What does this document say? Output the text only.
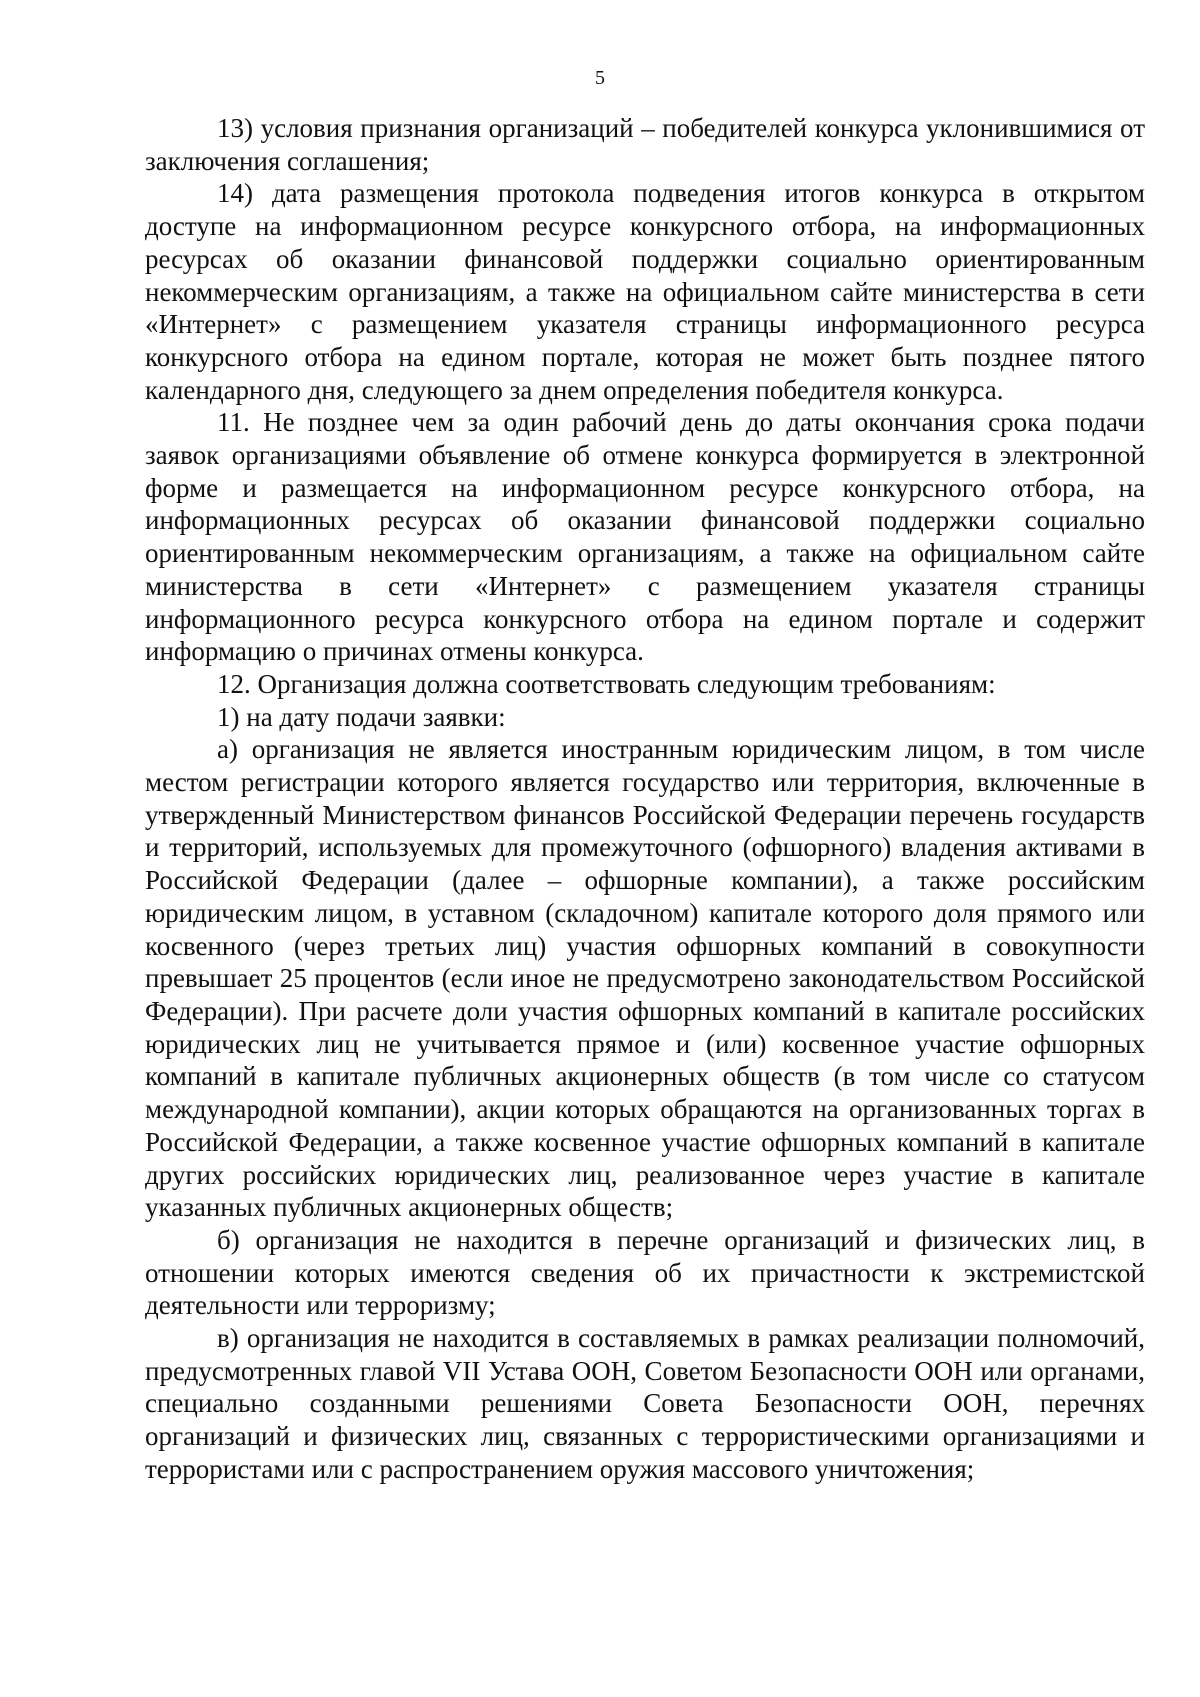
5

13) условия признания организаций – победителей конкурса уклонившимися от заключения соглашения;

14) дата размещения протокола подведения итогов конкурса в открытом доступе на информационном ресурсе конкурсного отбора, на информационных ресурсах об оказании финансовой поддержки социально ориентированным некоммерческим организациям, а также на официальном сайте министерства в сети «Интернет» с размещением указателя страницы информационного ресурса конкурсного отбора на едином портале, которая не может быть позднее пятого календарного дня, следующего за днем определения победителя конкурса.

11. Не позднее чем за один рабочий день до даты окончания срока подачи заявок организациями объявление об отмене конкурса формируется в электронной форме и размещается на информационном ресурсе конкурсного отбора, на информационных ресурсах об оказании финансовой поддержки социально ориентированным некоммерческим организациям, а также на официальном сайте министерства в сети «Интернет» с размещением указателя страницы информационного ресурса конкурсного отбора на едином портале и содержит информацию о причинах отмены конкурса.

12. Организация должна соответствовать следующим требованиям:

1) на дату подачи заявки:

а) организация не является иностранным юридическим лицом, в том числе местом регистрации которого является государство или территория, включенные в утвержденный Министерством финансов Российской Федерации перечень государств и территорий, используемых для промежуточного (офшорного) владения активами в Российской Федерации (далее – офшорные компании), а также российским юридическим лицом, в уставном (складочном) капитале которого доля прямого или косвенного (через третьих лиц) участия офшорных компаний в совокупности превышает 25 процентов (если иное не предусмотрено законодательством Российской Федерации). При расчете доли участия офшорных компаний в капитале российских юридических лиц не учитывается прямое и (или) косвенное участие офшорных компаний в капитале публичных акционерных обществ (в том числе со статусом международной компании), акции которых обращаются на организованных торгах в Российской Федерации, а также косвенное участие офшорных компаний в капитале других российских юридических лиц, реализованное через участие в капитале указанных публичных акционерных обществ;

б) организация не находится в перечне организаций и физических лиц, в отношении которых имеются сведения об их причастности к экстремистской деятельности или терроризму;

в) организация не находится в составляемых в рамках реализации полномочий, предусмотренных главой VII Устава ООН, Советом Безопасности ООН или органами, специально созданными решениями Совета Безопасности ООН, перечнях организаций и физических лиц, связанных с террористическими организациями и террористами или с распространением оружия массового уничтожения;
